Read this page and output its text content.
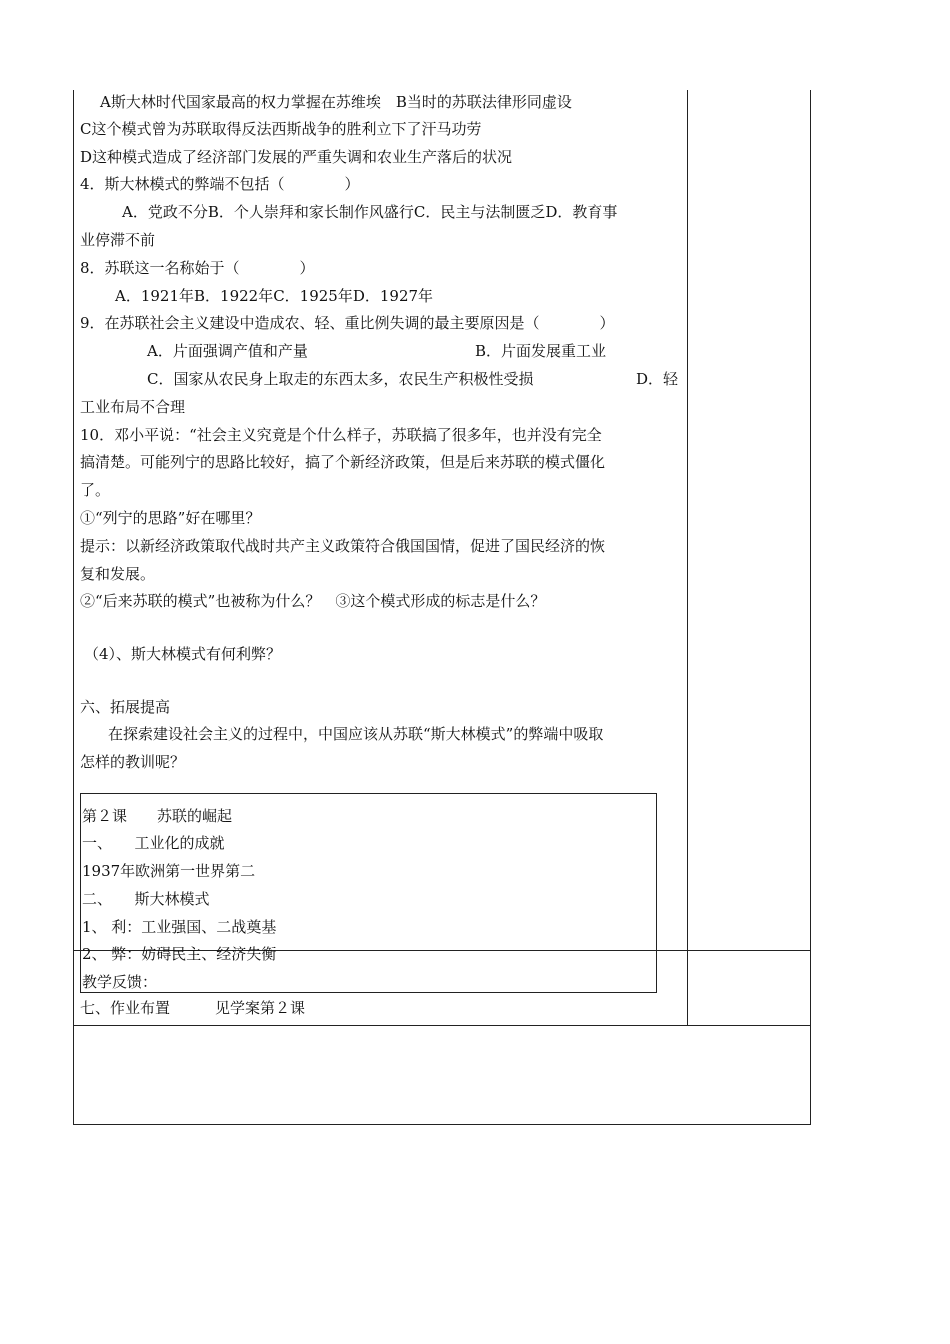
A斯大林时代国家最高的权力掌握在苏维埃　B当时的苏联法律形同虚设
C这个模式曾为苏联取得反法西斯战争的胜利立下了汗马功劳
D这种模式造成了经济部门发展的严重失调和农业生产落后的状况
4．斯大林模式的弊端不包括（　　　　）
A．党政不分B．个人崇拜和家长制作风盛行C．民主与法制匮乏D．教育事
业停滞不前
8．苏联这一名称始于（　　　　）
A．1921年B．1922年C．1925年D．1927年
9．在苏联社会主义建设中造成农、轻、重比例失调的最主要原因是（　　　　）
A．片面强调产值和产量	B．片面发展重工业
C．国家从农民身上取走的东西太多，农民生产积极性受损	D．轻
工业布局不合理
10．邓小平说：“社会主义究竟是个什么样子，苏联搞了很多年，也并没有完全
搞清楚。可能列宁的思路比较好，搞了个新经济政策，但是后来苏联的模式僵化
了。
①“列宁的思路”好在哪里？
提示：以新经济政策取代战时共产主义政策符合俄国国情，促进了国民经济的恢
复和发展。
②“后来苏联的模式”也被称为什么？　③这个模式形成的标志是什么？
（4）、斯大林模式有何利弊？
六、拓展提高
在探索建设社会主义的过程中，中国应该从苏联“斯大林模式”的弊端中吸取
怎样的教训呢？
第２课　　苏联的崛起
一、　　工业化的成就
1937年欧洲第一世界第二
二、　　斯大林模式
1、 利：工业强国、二战奠基
2、 弊：妨碍民主、经济失衡
教学反馈：
七、作业布置　　　见学案第２课
